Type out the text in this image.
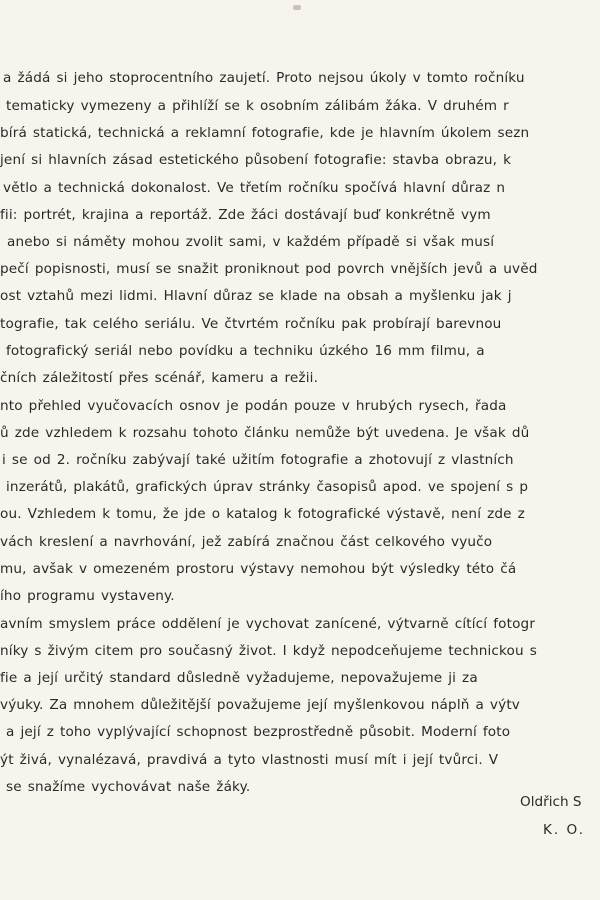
a žádá si jeho stoprocentního zaujetí. Proto nejsou úkoly v tomto ročníku
tematicky vymezeny a přihlíží se k osobním zálibám žáka. V druhém r
bírá statická, technická a reklamní fotografie, kde je hlavním úkolem sezn
jení si hlavních zásad estetického působení fotografie: stavba obrazu, k
větlo a technická dokonalost. Ve třetím ročníku spočívá hlavní důraz n
fii: portrét, krajina a reportáž. Zde žáci dostávají buď konkrétně vym
anebo si náměty mohou zvolit sami, v každém případě si však musí
pečí popisnosti, musí se snažit proniknout pod povrch vnějších jevů a uvěd
ost vztahů mezi lidmi. Hlavní důraz se klade na obsah a myšlenku jak j
tografie, tak celého seriálu. Ve čtvrtém ročníku pak probírají barevnou
fotografický seriál nebo povídku a techniku úzkého 16 mm filmu, a
čních záležitostí přes scénář, kameru a režii.
nto přehled vyučovacích osnov je podán pouze v hrubých rysech, řada
ů zde vzhledem k rozsahu tohoto článku nemůže být uvedena. Je však dů
i se od 2. ročníku zabývají také užitím fotografie a zhotovují z vlastních
inzerátů, plakátů, grafických úprav stránky časopisů apod. ve spojení s p
ou. Vzhledem k tomu, že jde o katalog k fotografické výstavě, není zde z
vách kreslení a navrhování, jež zabírá značnou část celkového vyučo
mu, avšak v omezeném prostoru výstavy nemohou být výsledky této čá
ího programu vystaveny.
avním smyslem práce oddělení je vychovat zanícené, výtvarně cítící fotogr
níky s živým citem pro současný život. I když nepodceňujeme technickou s
fie a její určitý standard důsledně vyžadujeme, nepovažujeme ji za
výuky. Za mnohem důležitější považujeme její myšlenkovou náplň a výtv
a její z toho vyplývající schopnost bezprostředně působit. Moderní foto
ýt živá, vynalézavá, pravdivá a tyto vlastnosti musí mít i její tvůrci. V
se snažíme vychovávat naše žáky.
Oldřich S
K. O.
